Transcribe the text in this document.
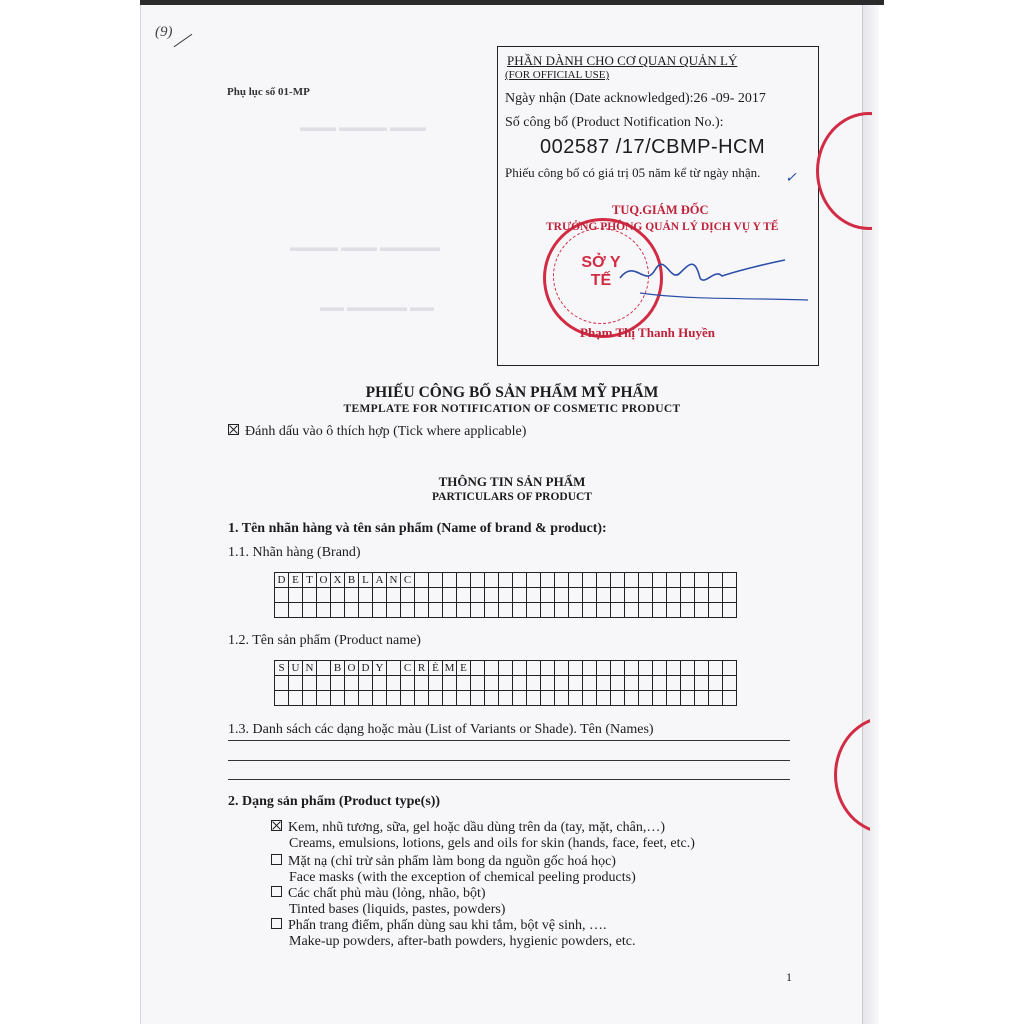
▬▬▬ ▬▬▬▬ ▬▬▬
▬▬▬▬ ▬▬▬ ▬▬▬▬▬
▬▬ ▬▬▬▬▬ ▬▬
(9)
Phụ lục số 01-MP
PHẦN DÀNH CHO CƠ QUAN QUẢN LÝ
(FOR OFFICIAL USE)
Ngày nhận (Date acknowledged):26 -09- 2017
Số công bố (Product Notification No.):
002587 /17/CBMP-HCM
Phiếu công bố có giá trị 05 năm kể từ ngày nhận. ✓
SỞ Y TẾ
TUQ.GIÁM ĐỐC
TRƯỞNG PHÒNG QUẢN LÝ DỊCH VỤ Y TẾ
Phạm Thị Thanh Huyền
PHIẾU CÔNG BỐ SẢN PHẨM MỸ PHẨM
TEMPLATE FOR NOTIFICATION OF COSMETIC PRODUCT
Đánh dấu vào ô thích hợp (Tick where applicable)
THÔNG TIN SẢN PHẨM
PARTICULARS OF PRODUCT
1. Tên nhãn hàng và tên sản phẩm (Name of brand & product):
1.1. Nhãn hàng (Brand)
D	E	T	O	X	B	L	A	N	C																							

1.2. Tên sản phẩm (Product name)
S	U	N		B	O	D	Y		C	R	È	M	E																			

1.3. Danh sách các dạng hoặc màu (List of Variants or Shade). Tên (Names)
2. Dạng sản phẩm (Product type(s))
Kem, nhũ tương, sữa, gel hoặc dầu dùng trên da (tay, mặt, chân,…)
Creams, emulsions, lotions, gels and oils for skin (hands, face, feet, etc.)
Mặt nạ (chỉ trừ sản phẩm làm bong da nguồn gốc hoá học)
Face masks (with the exception of chemical peeling products)
Các chất phủ màu (lỏng, nhão, bột)
Tinted bases (liquids, pastes, powders)
Phấn trang điểm, phấn dùng sau khi tắm, bột vệ sinh, ….
Make-up powders, after-bath powders, hygienic powders, etc.
1
